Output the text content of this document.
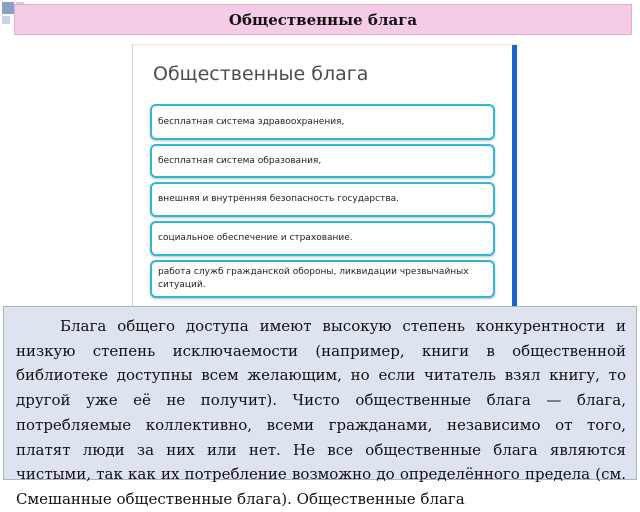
Общественные блага
Общественные блага
бесплатная система здравоохранения,
бесплатная система образования,
внешняя и внутренняя безопасность государства.
социальное обеспечение и страхование.
работа служб гражданской обороны, ликвидации чрезвычайных ситуаций.

Блага общего доступа имеют высокую степень конкурентности и низкую степень исключаемости (например, книги в общественной библиотеке доступны всем желающим, но если читатель взял книгу, то другой уже её не получит). Чисто общественные блага — блага, потребляемые коллективно, всеми гражданами, независимо от того, платят люди за них или нет. Не все общественные блага являются чистыми, так как их потребление возможно до определённого предела (см. Смешанные общественные блага). Общественные блага
